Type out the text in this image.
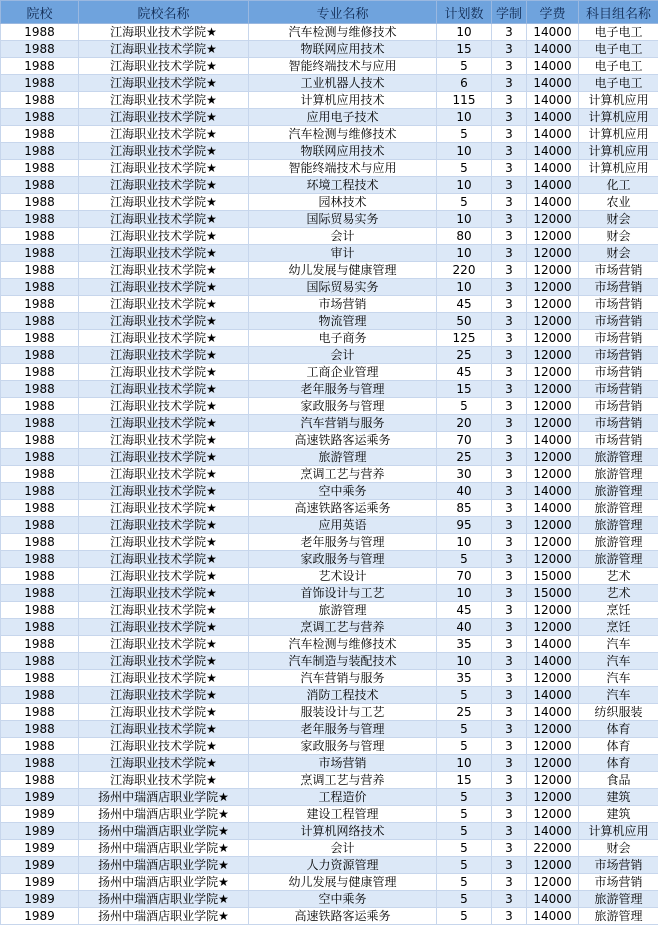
院校	院校名称	专业名称	计划数	学制	学费	科目组名称
1988	江海职业技术学院★	汽车检测与维修技术	10	3	14000	电子电工
1988	江海职业技术学院★	物联网应用技术	15	3	14000	电子电工
1988	江海职业技术学院★	智能终端技术与应用	5	3	14000	电子电工
1988	江海职业技术学院★	工业机器人技术	6	3	14000	电子电工
1988	江海职业技术学院★	计算机应用技术	115	3	14000	计算机应用
1988	江海职业技术学院★	应用电子技术	10	3	14000	计算机应用
1988	江海职业技术学院★	汽车检测与维修技术	5	3	14000	计算机应用
1988	江海职业技术学院★	物联网应用技术	10	3	14000	计算机应用
1988	江海职业技术学院★	智能终端技术与应用	5	3	14000	计算机应用
1988	江海职业技术学院★	环境工程技术	10	3	14000	化工
1988	江海职业技术学院★	园林技术	5	3	14000	农业
1988	江海职业技术学院★	国际贸易实务	10	3	12000	财会
1988	江海职业技术学院★	会计	80	3	12000	财会
1988	江海职业技术学院★	审计	10	3	12000	财会
1988	江海职业技术学院★	幼儿发展与健康管理	220	3	12000	市场营销
1988	江海职业技术学院★	国际贸易实务	10	3	12000	市场营销
1988	江海职业技术学院★	市场营销	45	3	12000	市场营销
1988	江海职业技术学院★	物流管理	50	3	12000	市场营销
1988	江海职业技术学院★	电子商务	125	3	12000	市场营销
1988	江海职业技术学院★	会计	25	3	12000	市场营销
1988	江海职业技术学院★	工商企业管理	45	3	12000	市场营销
1988	江海职业技术学院★	老年服务与管理	15	3	12000	市场营销
1988	江海职业技术学院★	家政服务与管理	5	3	12000	市场营销
1988	江海职业技术学院★	汽车营销与服务	20	3	12000	市场营销
1988	江海职业技术学院★	高速铁路客运乘务	70	3	14000	市场营销
1988	江海职业技术学院★	旅游管理	25	3	12000	旅游管理
1988	江海职业技术学院★	烹调工艺与营养	30	3	12000	旅游管理
1988	江海职业技术学院★	空中乘务	40	3	14000	旅游管理
1988	江海职业技术学院★	高速铁路客运乘务	85	3	14000	旅游管理
1988	江海职业技术学院★	应用英语	95	3	12000	旅游管理
1988	江海职业技术学院★	老年服务与管理	10	3	12000	旅游管理
1988	江海职业技术学院★	家政服务与管理	5	3	12000	旅游管理
1988	江海职业技术学院★	艺术设计	70	3	15000	艺术
1988	江海职业技术学院★	首饰设计与工艺	10	3	15000	艺术
1988	江海职业技术学院★	旅游管理	45	3	12000	烹饪
1988	江海职业技术学院★	烹调工艺与营养	40	3	12000	烹饪
1988	江海职业技术学院★	汽车检测与维修技术	35	3	14000	汽车
1988	江海职业技术学院★	汽车制造与装配技术	10	3	14000	汽车
1988	江海职业技术学院★	汽车营销与服务	35	3	12000	汽车
1988	江海职业技术学院★	消防工程技术	5	3	14000	汽车
1988	江海职业技术学院★	服装设计与工艺	25	3	14000	纺织服装
1988	江海职业技术学院★	老年服务与管理	5	3	12000	体育
1988	江海职业技术学院★	家政服务与管理	5	3	12000	体育
1988	江海职业技术学院★	市场营销	10	3	12000	体育
1988	江海职业技术学院★	烹调工艺与营养	15	3	12000	食品
1989	扬州中瑞酒店职业学院★	工程造价	5	3	12000	建筑
1989	扬州中瑞酒店职业学院★	建设工程管理	5	3	12000	建筑
1989	扬州中瑞酒店职业学院★	计算机网络技术	5	3	14000	计算机应用
1989	扬州中瑞酒店职业学院★	会计	5	3	22000	财会
1989	扬州中瑞酒店职业学院★	人力资源管理	5	3	12000	市场营销
1989	扬州中瑞酒店职业学院★	幼儿发展与健康管理	5	3	12000	市场营销
1989	扬州中瑞酒店职业学院★	空中乘务	5	3	14000	旅游管理
1989	扬州中瑞酒店职业学院★	高速铁路客运乘务	5	3	14000	旅游管理
